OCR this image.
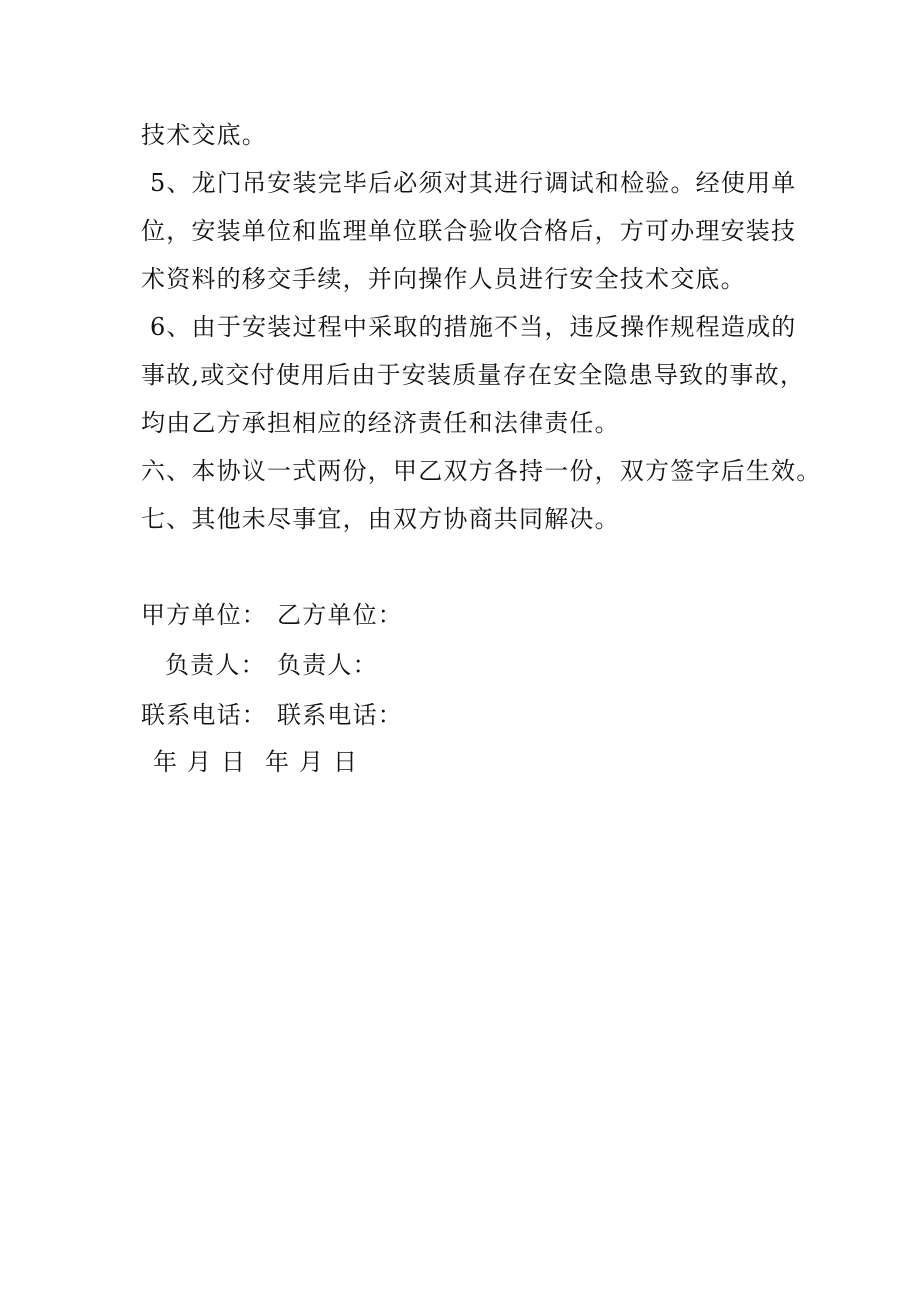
技术交底。
5、龙门吊安装完毕后必须对其进行调试和检验。经使用单
位，安装单位和监理单位联合验收合格后，方可办理安装技
术资料的移交手续，并向操作人员进行安全技术交底。
6、由于安装过程中采取的措施不当，违反操作规程造成的
事故,或交付使用后由于安装质量存在安全隐患导致的事故，
均由乙方承担相应的经济责任和法律责任。
六、本协议一式两份，甲乙双方各持一份，双方签字后生效。
七、其他未尽事宜，由双方协商共同解决。
甲方单位： 乙方单位：
负责人： 负责人：
联系电话： 联系电话：
年 月 日 年 月 日
